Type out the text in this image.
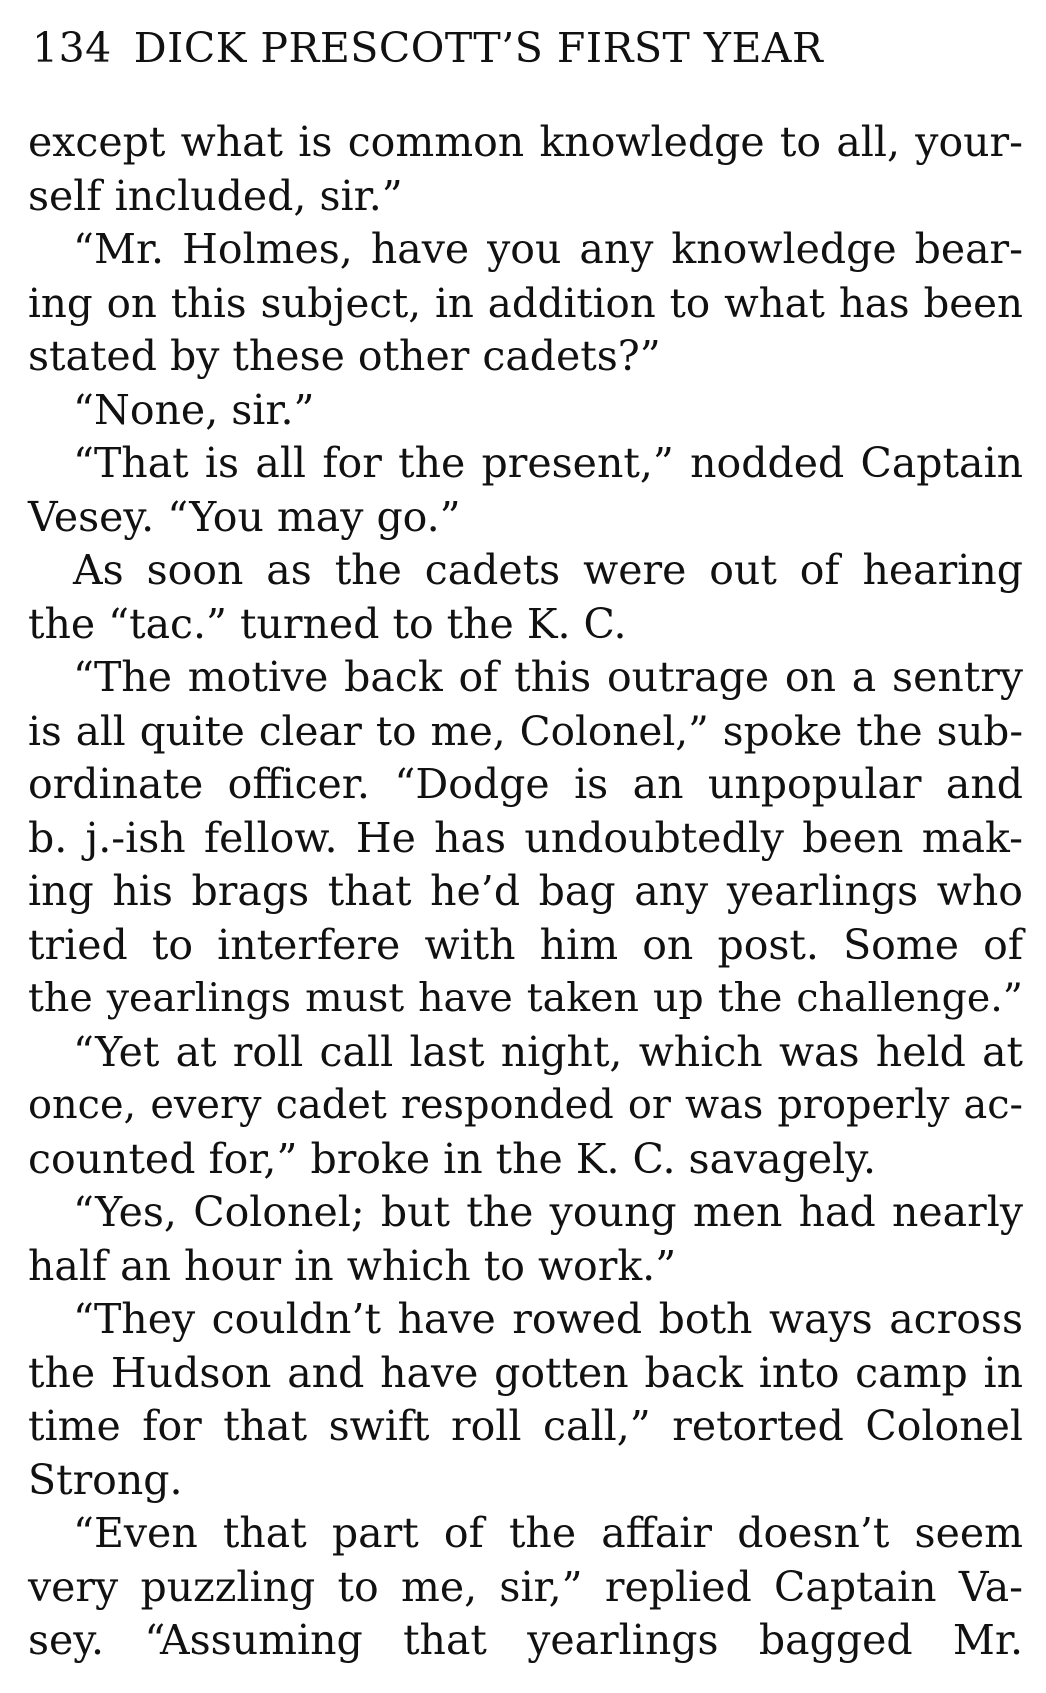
134 DICK PRESCOTT’S FIRST YEAR
except what is common knowledge to all, your-
self included, sir.”
“Mr. Holmes, have you any knowledge bear-
ing on this subject, in addition to what has been
stated by these other cadets?”
“None, sir.”
“That is all for the present,” nodded Captain
Vesey. “You may go.”
As soon as the cadets were out of hearing
the “tac.” turned to the K. C.
“The motive back of this outrage on a sentry
is all quite clear to me, Colonel,” spoke the sub-
ordinate officer. “Dodge is an unpopular and
b. j.-ish fellow. He has undoubtedly been mak-
ing his brags that he’d bag any yearlings who
tried to interfere with him on post. Some of
the yearlings must have taken up the challenge.”
“Yet at roll call last night, which was held at
once, every cadet responded or was properly ac-
counted for,” broke in the K. C. savagely.
“Yes, Colonel; but the young men had nearly
half an hour in which to work.”
“They couldn’t have rowed both ways across
the Hudson and have gotten back into camp in
time for that swift roll call,” retorted Colonel
Strong.
“Even that part of the affair doesn’t seem
very puzzling to me, sir,” replied Captain Va-
sey. “Assuming that yearlings bagged Mr.
